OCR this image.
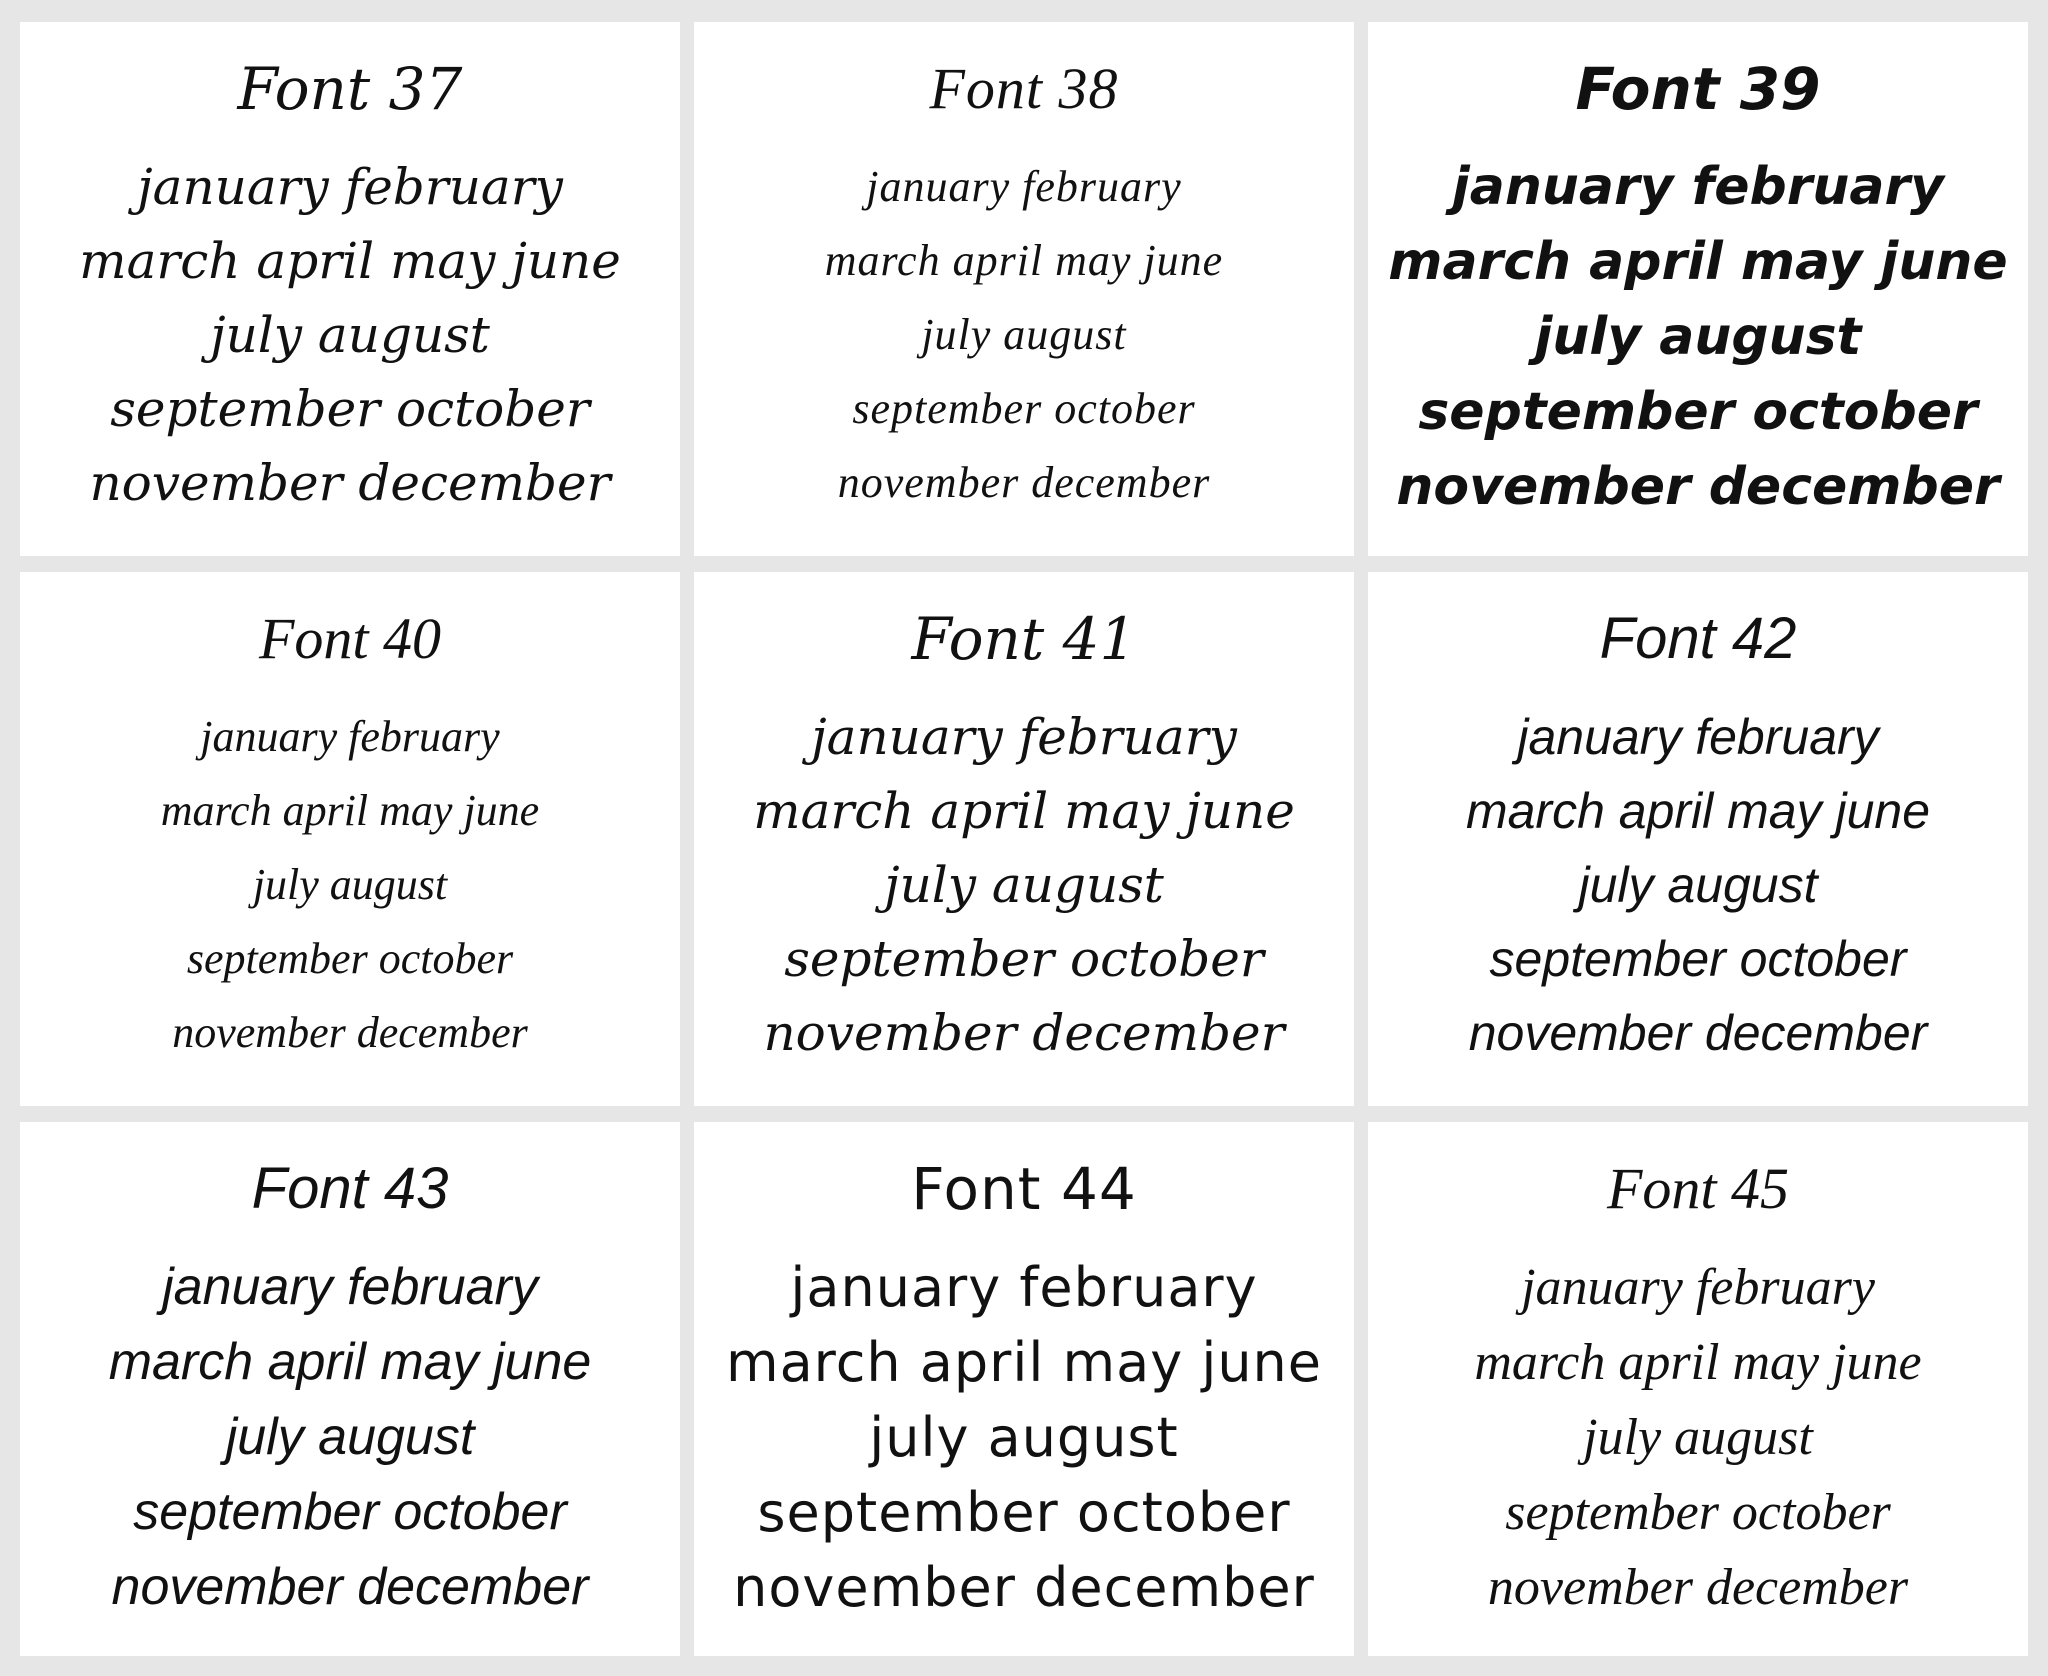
Font 37
january february
march april may june
july august
september october
november december
Font 38
january february
march april may june
july august
september october
november december
Font 39
january february
march april may june
july august
september october
november december
Font 40
january february
march april may june
july august
september october
november december
Font 41
january february
march april may june
july august
september october
november december
Font 42
january february
march april may june
july august
september october
november december
Font 43
january february
march april may june
july august
september october
november december
Font 44
january february
march april may june
july august
september october
november december
Font 45
january february
march april may june
july august
september october
november december
